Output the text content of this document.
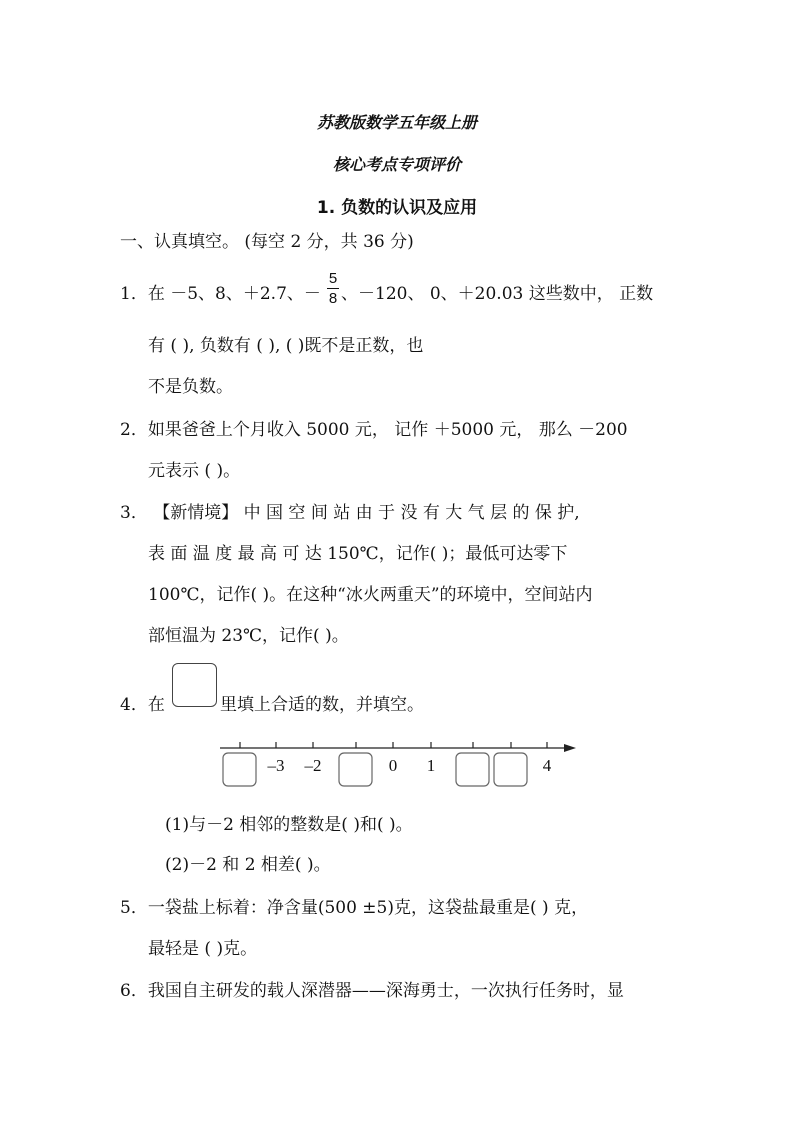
苏教版数学五年级上册
核心考点专项评价
1. 负数的认识及应用
一、认真填空。 (每空 2 分，共 36 分)
1．在 －5、8、＋2.7、－
5
8 、－120、 0、＋20.03 这些数中， 正数
有 ( ), 负数有 ( ), ( )既不是正数，也
不是负数。
2．如果爸爸上个月收入 5000 元， 记作 ＋5000 元， 那么 －200
元表示 ( )。
3． 【新情境】 中 国 空 间 站 由 于 没 有 大 气 层 的 保 护,
表 面 温 度 最 高 可 达 150℃，记作( )；最低可达零下
100℃，记作( )。在这种“冰火两重天”的环境中，空间站内
部恒温为 23℃，记作( )。
4．在	里填上合适的数，并填空。
–3 –2	0 1	4
(1)与－2 相邻的整数是( )和( )。
(2)－2 和 2 相差( )。
5．一袋盐上标着：净含量(500 ±5)克，这袋盐最重是( ) 克，
最轻是 ( )克。
6．我国自主研发的载人深潜器——深海勇士，一次执行任务时，显
